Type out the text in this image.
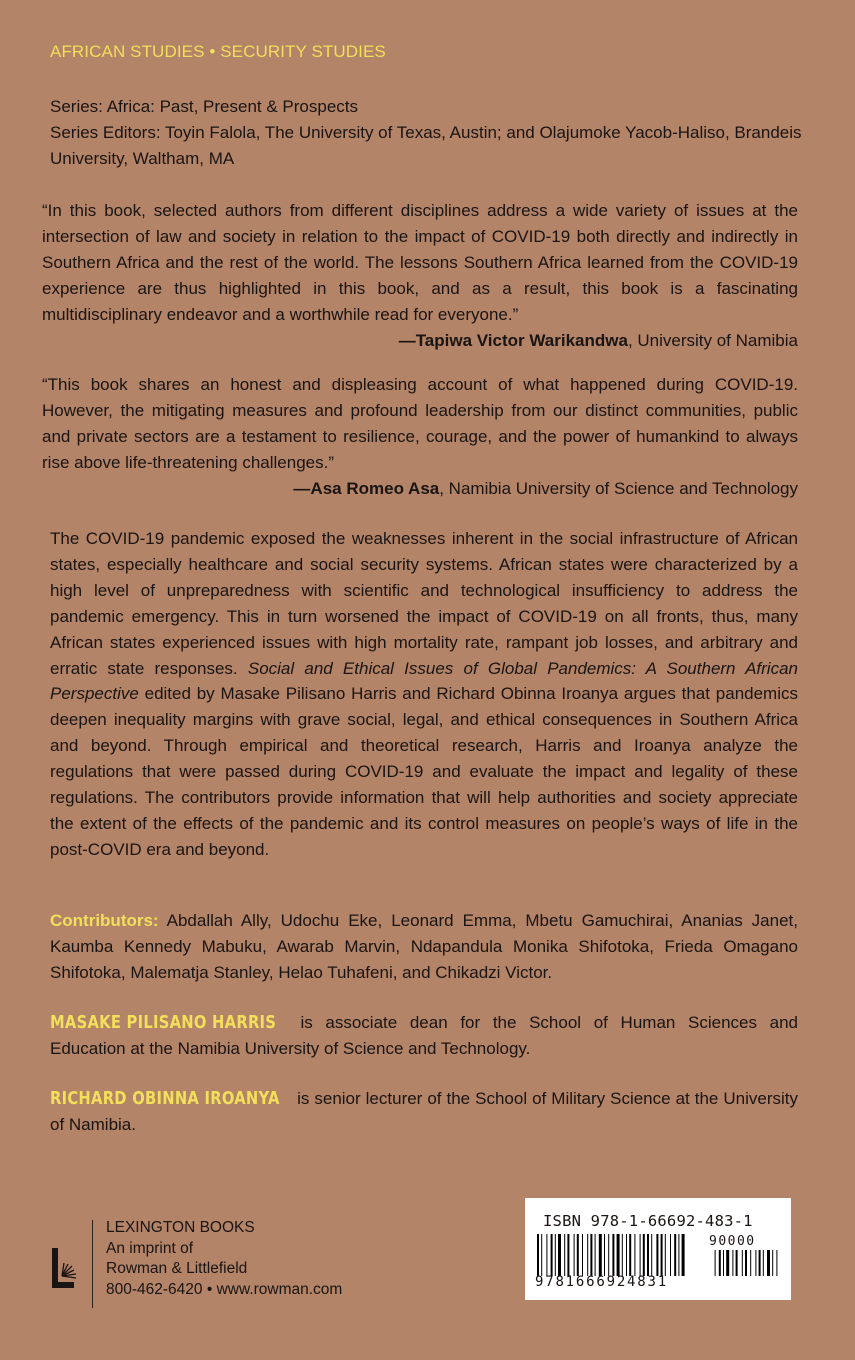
AFRICAN STUDIES • SECURITY STUDIES
Series: Africa: Past, Present & Prospects
Series Editors: Toyin Falola, The University of Texas, Austin; and Olajumoke Yacob-Haliso, Brandeis University, Waltham, MA
“In this book, selected authors from different disciplines address a wide variety of issues at the intersection of law and society in relation to the impact of COVID-19 both directly and indirectly in Southern Africa and the rest of the world. The lessons Southern Africa learned from the COVID-19 experience are thus highlighted in this book, and as a result, this book is a fascinating multidisciplinary endeavor and a worthwhile read for everyone.”
—Tapiwa Victor Warikandwa, University of Namibia
“This book shares an honest and displeasing account of what happened during COVID-19. However, the mitigating measures and profound leadership from our distinct communities, public and private sectors are a testament to resilience, courage, and the power of humankind to always rise above life-threatening challenges.”
—Asa Romeo Asa, Namibia University of Science and Technology
The COVID-19 pandemic exposed the weaknesses inherent in the social infrastructure of African states, especially healthcare and social security systems. African states were characterized by a high level of unpreparedness with scientific and technological insufficiency to address the pandemic emergency. This in turn worsened the impact of COVID-19 on all fronts, thus, many African states experienced issues with high mortality rate, rampant job losses, and arbitrary and erratic state responses. Social and Ethical Issues of Global Pandemics: A Southern African Perspective edited by Masake Pilisano Harris and Richard Obinna Iroanya argues that pandemics deepen inequality margins with grave social, legal, and ethical consequences in Southern Africa and beyond. Through empirical and theoretical research, Harris and Iroanya analyze the regulations that were passed during COVID-19 and evaluate the impact and legality of these regulations. The contributors provide information that will help authorities and society appreciate the extent of the effects of the pandemic and its control measures on people’s ways of life in the post-COVID era and beyond.
Contributors: Abdallah Ally, Udochu Eke, Leonard Emma, Mbetu Gamuchirai, Ananias Janet, Kaumba Kennedy Mabuku, Awarab Marvin, Ndapandula Monika Shifotoka, Frieda Omagano Shifotoka, Malematja Stanley, Helao Tuhafeni, and Chikadzi Victor.
MASAKE PILISANO HARRIS is associate dean for the School of Human Sciences and Education at the Namibia University of Science and Technology.
RICHARD OBINNA IROANYA is senior lecturer of the School of Military Science at the University of Namibia.
LEXINGTON BOOKS
An imprint of
Rowman & Littlefield
800-462-6420 • www.rowman.com
ISBN 978-1-66692-483-1
90000
9781666924831
